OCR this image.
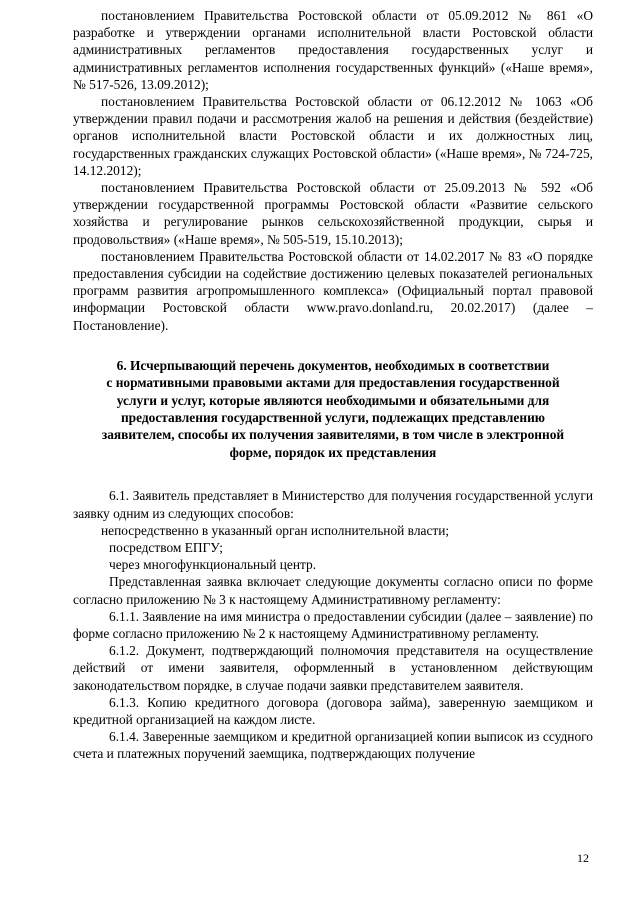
постановлением Правительства Ростовской области от 05.09.2012 № 861 «О разработке и утверждении органами исполнительной власти Ростовской области административных регламентов предоставления государственных услуг и административных регламентов исполнения государственных функций» («Наше время», № 517-526, 13.09.2012);

постановлением Правительства Ростовской области от 06.12.2012 № 1063 «Об утверждении правил подачи и рассмотрения жалоб на решения и действия (бездействие) органов исполнительной власти Ростовской области и их должностных лиц, государственных гражданских служащих Ростовской области» («Наше время», № 724-725, 14.12.2012);

постановлением Правительства Ростовской области от 25.09.2013 № 592 «Об утверждении государственной программы Ростовской области «Развитие сельского хозяйства и регулирование рынков сельскохозяйственной продукции, сырья и продовольствия» («Наше время», № 505-519, 15.10.2013);

постановлением Правительства Ростовской области от 14.02.2017 № 83 «О порядке предоставления субсидии на содействие достижению целевых показателей региональных программ развития агропромышленного комплекса» (Официальный портал правовой информации Ростовской области www.pravo.donland.ru, 20.02.2017) (далее – Постановление).

6. Исчерпывающий перечень документов, необходимых в соответствии
с нормативными правовыми актами для предоставления государственной
услуги и услуг, которые являются необходимыми и обязательными для
предоставления государственной услуги, подлежащих представлению
заявителем, способы их получения заявителями, в том числе в электронной
форме, порядок их представления

6.1. Заявитель представляет в Министерство для получения государственной услуги заявку одним из следующих способов:

непосредственно в указанный орган исполнительной власти;

посредством ЕПГУ;

через многофункциональный центр.

Представленная заявка включает следующие документы согласно описи по форме согласно приложению № 3 к настоящему Административному регламенту:

6.1.1. Заявление на имя министра о предоставлении субсидии (далее – заявление) по форме согласно приложению № 2 к настоящему Административному регламенту.

6.1.2. Документ, подтверждающий полномочия представителя на осуществление действий от имени заявителя, оформленный в установленном действующим законодательством порядке, в случае подачи заявки представителем заявителя.

6.1.3. Копию кредитного договора (договора займа), заверенную заемщиком и кредитной организацией на каждом листе.

6.1.4. Заверенные заемщиком и кредитной организацией копии выписок из ссудного счета и платежных поручений заемщика, подтверждающих получение

12
